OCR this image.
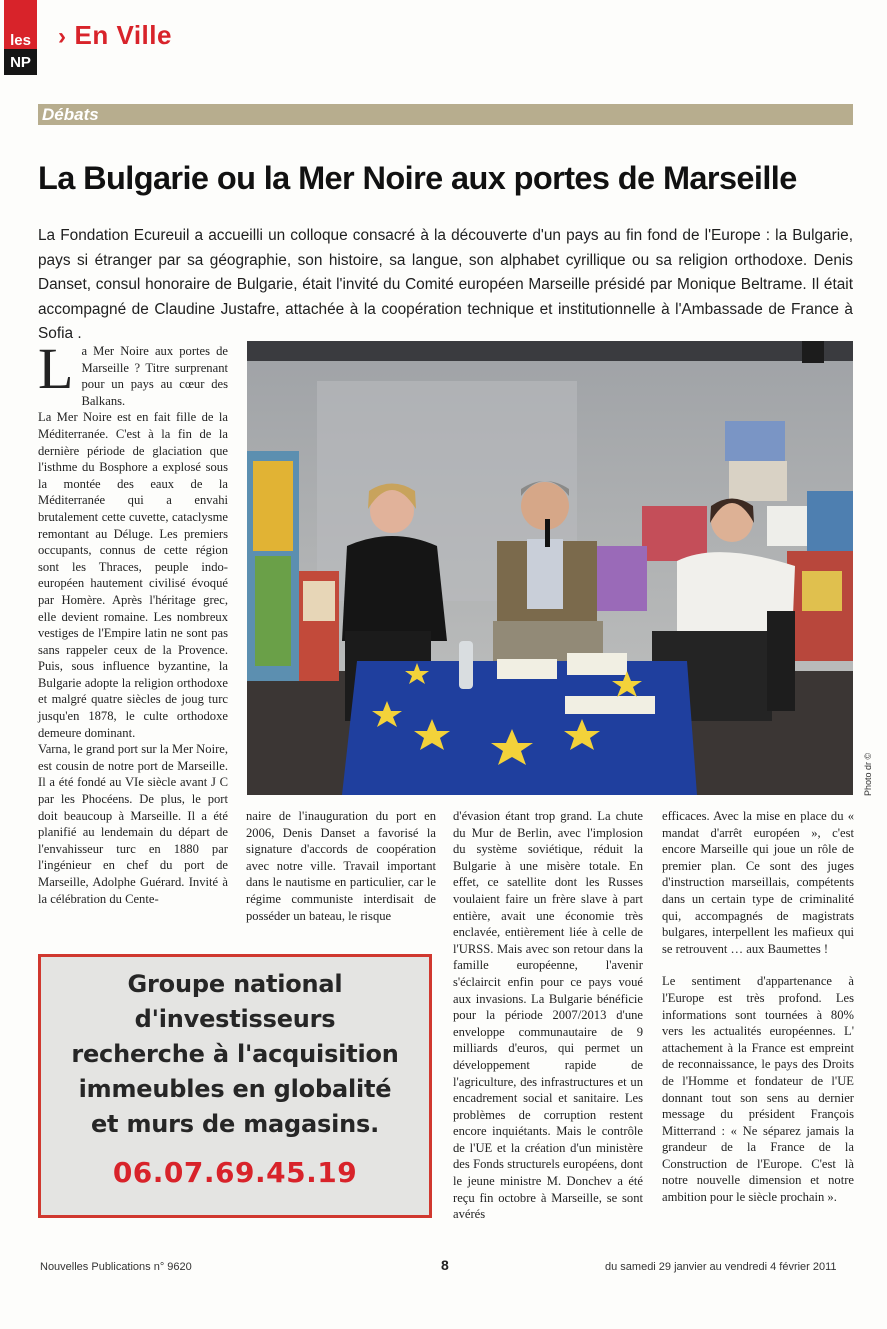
les
NP
› En Ville
Débats
La Bulgarie ou la Mer Noire aux portes de Marseille

La Fondation Ecureuil a accueilli un colloque consacré à la découverte d'un pays au fin fond de l'Europe : la Bulgarie, pays si étranger par sa géographie, son histoire, sa langue, son alphabet cyrillique ou sa religion orthodoxe. Denis Danset, consul honoraire de Bulgarie, était l'invité du Comité européen Marseille présidé par Monique Beltrame. Il était accompagné de Claudine Justafre, attachée à la coopération technique et institutionnelle à l'Ambassade de France à Sofia .

La Mer Noire aux portes de Marseille ? Titre surprenant pour un pays au cœur des Balkans.

La Mer Noire est en fait fille de la Méditerranée. C'est à la fin de la dernière période de glaciation que l'isthme du Bosphore a explosé sous la montée des eaux de la Méditerranée qui a envahi brutalement cette cuvette, cataclysme remontant au Déluge. Les premiers occupants, connus de cette région sont les Thraces, peuple indo-européen hautement civilisé évoqué par Homère. Après l'héritage grec, elle devient romaine. Les nombreux vestiges de l'Empire latin ne sont pas sans rappeler ceux de la Provence. Puis, sous influence byzantine, la Bulgarie adopte la religion orthodoxe et malgré quatre siècles de joug turc jusqu'en 1878, le culte orthodoxe demeure dominant.

Varna, le grand port sur la Mer Noire, est cousin de notre port de Marseille. Il a été fondé au VIe siècle avant J C par les Phocéens. De plus, le port doit beaucoup à Marseille. Il a été planifié au lendemain du départ de l'envahisseur turc en 1880 par l'ingénieur en chef du port de Marseille, Adolphe Guérard. Invité à la célébration du Cente-

Photo dr ©

naire de l'inauguration du port en 2006, Denis Danset a favorisé la signature d'accords de coopération avec notre ville. Travail important dans le nautisme en particulier, car le régime communiste interdisait de posséder un bateau, le risque

d'évasion étant trop grand. La chute du Mur de Berlin, avec l'implosion du système soviétique, réduit la Bulgarie à une misère totale. En effet, ce satellite dont les Russes voulaient faire un frère slave à part entière, avait une économie très enclavée, entièrement liée à celle de l'URSS. Mais avec son retour dans la famille européenne, l'avenir s'éclaircit enfin pour ce pays voué aux invasions. La Bulgarie bénéficie pour la période 2007/2013 d'une enveloppe communautaire de 9 milliards d'euros, qui permet un développement rapide de l'agriculture, des infrastructures et un encadrement social et sanitaire. Les problèmes de corruption restent encore inquiétants. Mais le contrôle de l'UE et la création d'un ministère des Fonds structurels européens, dont le jeune ministre M. Donchev a été reçu fin octobre à Marseille, se sont avérés

efficaces. Avec la mise en place du « mandat d'arrêt européen », c'est encore Marseille qui joue un rôle de premier plan. Ce sont des juges d'instruction marseillais, compétents dans un certain type de criminalité qui, accompagnés de magistrats bulgares, interpellent les mafieux qui se retrouvent … aux Baumettes !

Le sentiment d'appartenance à l'Europe est très profond. Les informations sont tournées à 80% vers les actualités européennes. L' attachement à la France est empreint de reconnaissance, le pays des Droits de l'Homme et fondateur de l'UE donnant tout son sens au dernier message du président François Mitterrand : « Ne séparez jamais la grandeur de la France de la Construction de l'Europe. C'est là notre nouvelle dimension et notre ambition pour le siècle prochain ».

Groupe national
d'investisseurs
recherche à l'acquisition
immeubles en globalité
et murs de magasins.
06.07.69.45.19
Nouvelles Publications n° 9620	8	du samedi 29 janvier au vendredi 4 février 2011
